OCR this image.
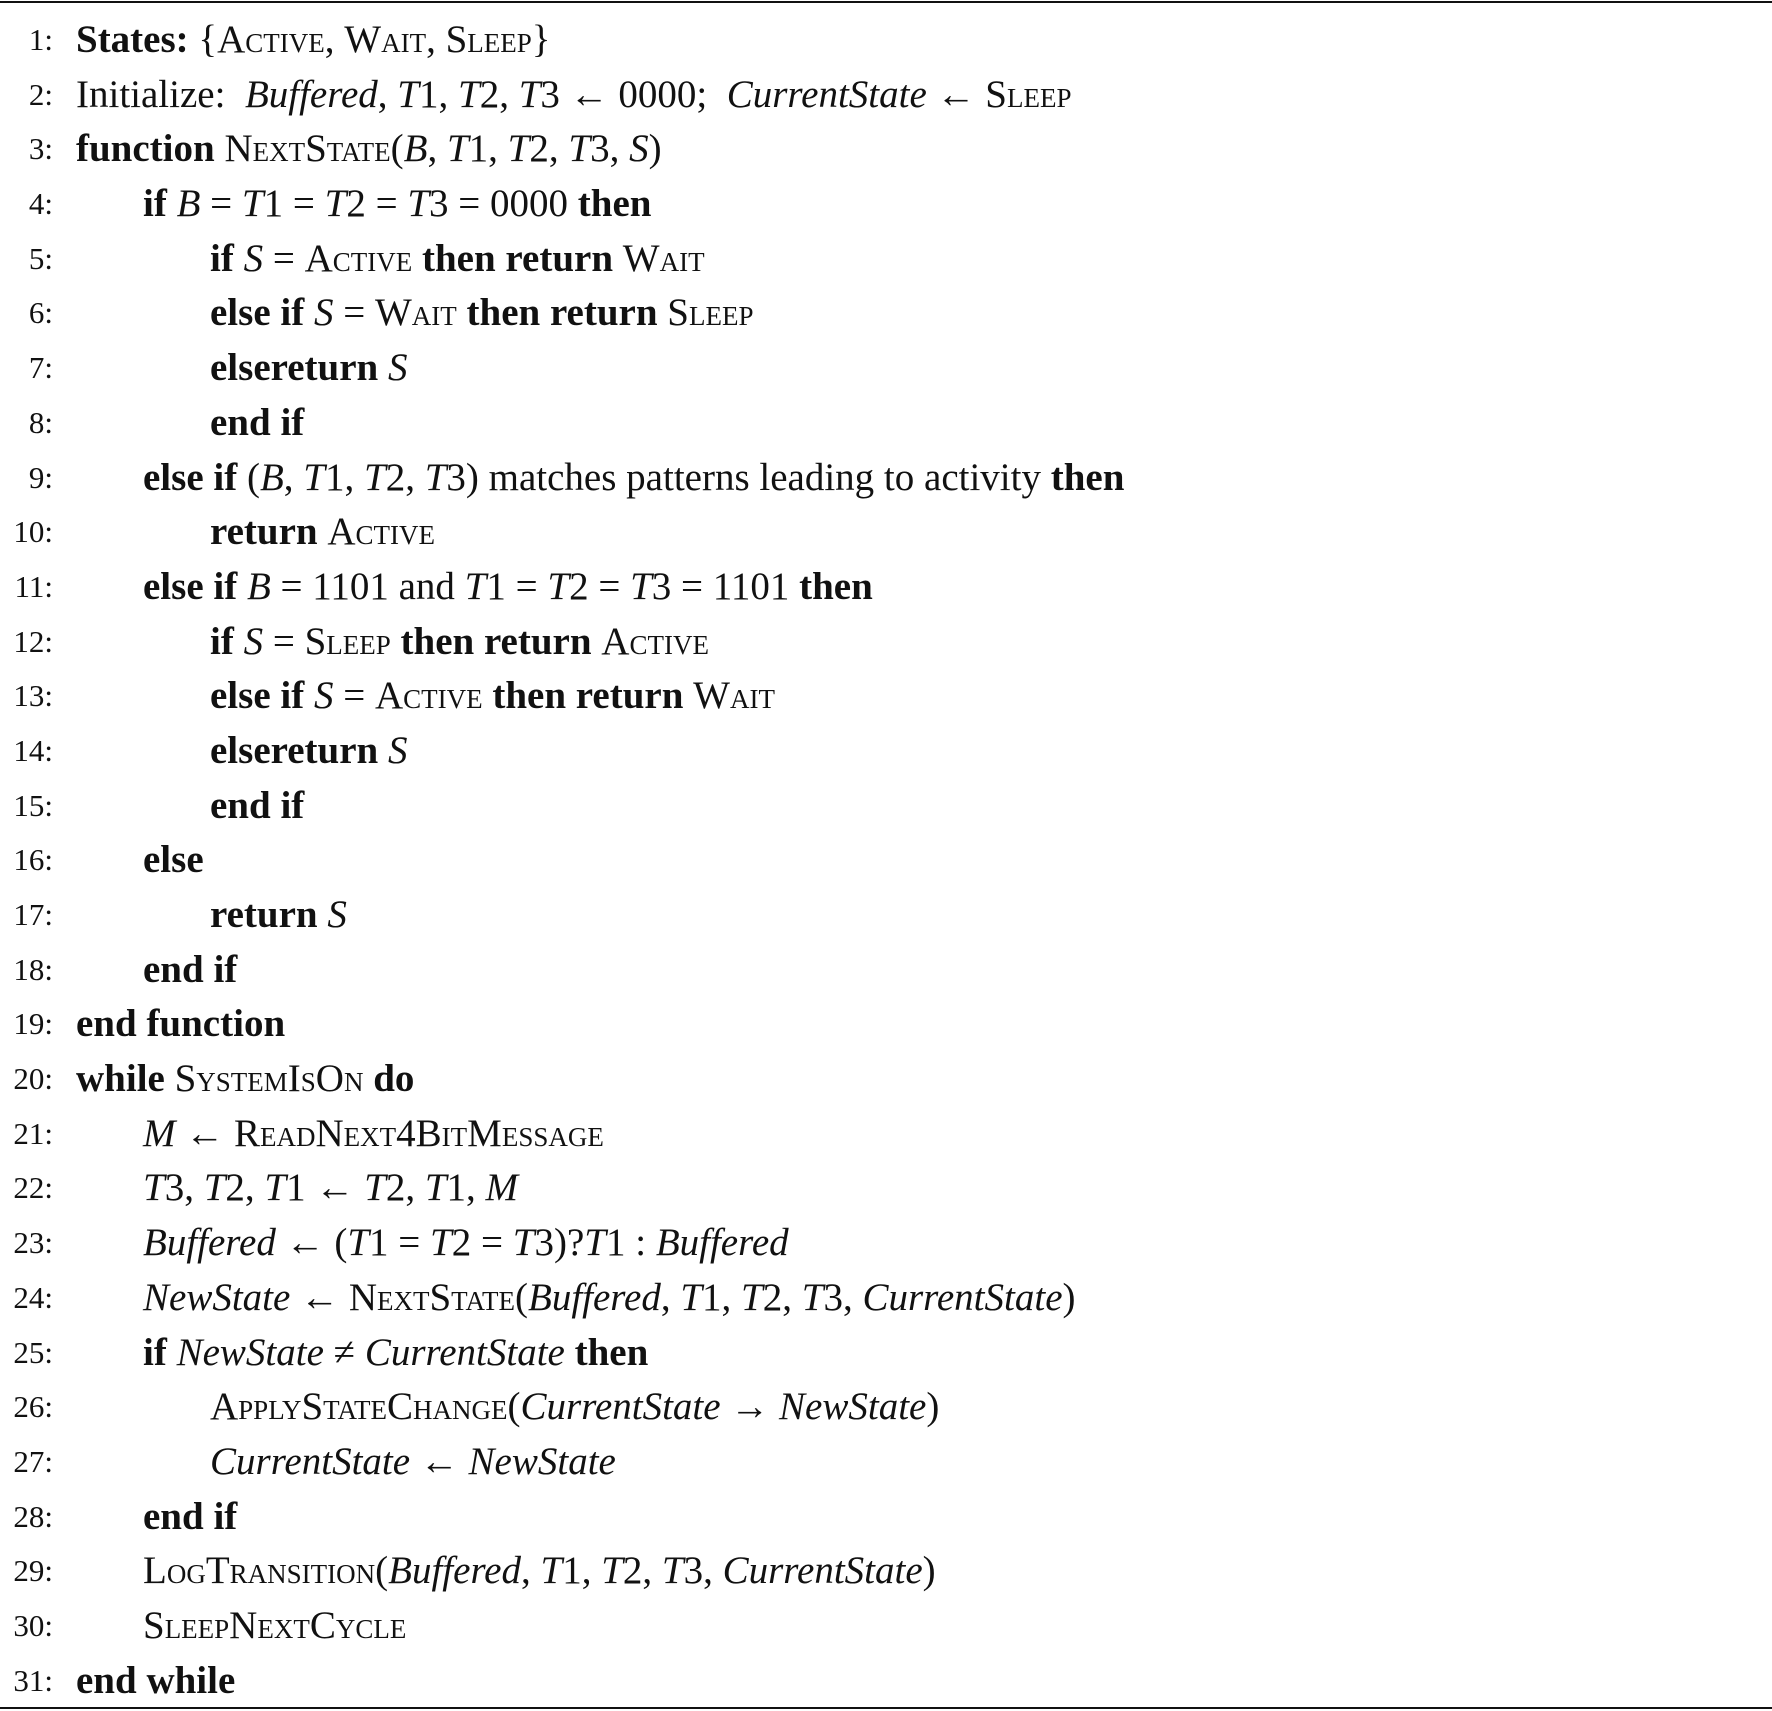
1: States: {Active, Wait, Sleep}
2: Initialize:  Buffered, T1, T2, T3 ← 0000;  CurrentState ← Sleep
3: function NextState(B, T1, T2, T3, S)
4: if B = T1 = T2 = T3 = 0000 then
5:	if S = Active then return Wait
6:	else if S = Wait then return Sleep
7:	elsereturn S
8:	end if
9: else if (B, T1, T2, T3) matches patterns leading to activity then
10:	return Active
11: else if B = 1101 and T1 = T2 = T3 = 1101 then
12:	if S = Sleep then return Active
13:	else if S = Active then return Wait
14:	elsereturn S
15:	end if
16: else
17:	return S
18: end if
19: end function
20: while SystemIsOn do
21: M ← ReadNext4BitMessage
22: T3, T2, T1 ← T2, T1, M
23: Buffered ← (T1 = T2 = T3)?T1 : Buffered
24: NewState ← NextState(Buffered, T1, T2, T3, CurrentState)
25: if NewState ≠ CurrentState then
26:	ApplyStateChange(CurrentState → NewState)
27:	CurrentState ← NewState
28: end if
29: LogTransition(Buffered, T1, T2, T3, CurrentState)
30: SleepNextCycle
31: end while
